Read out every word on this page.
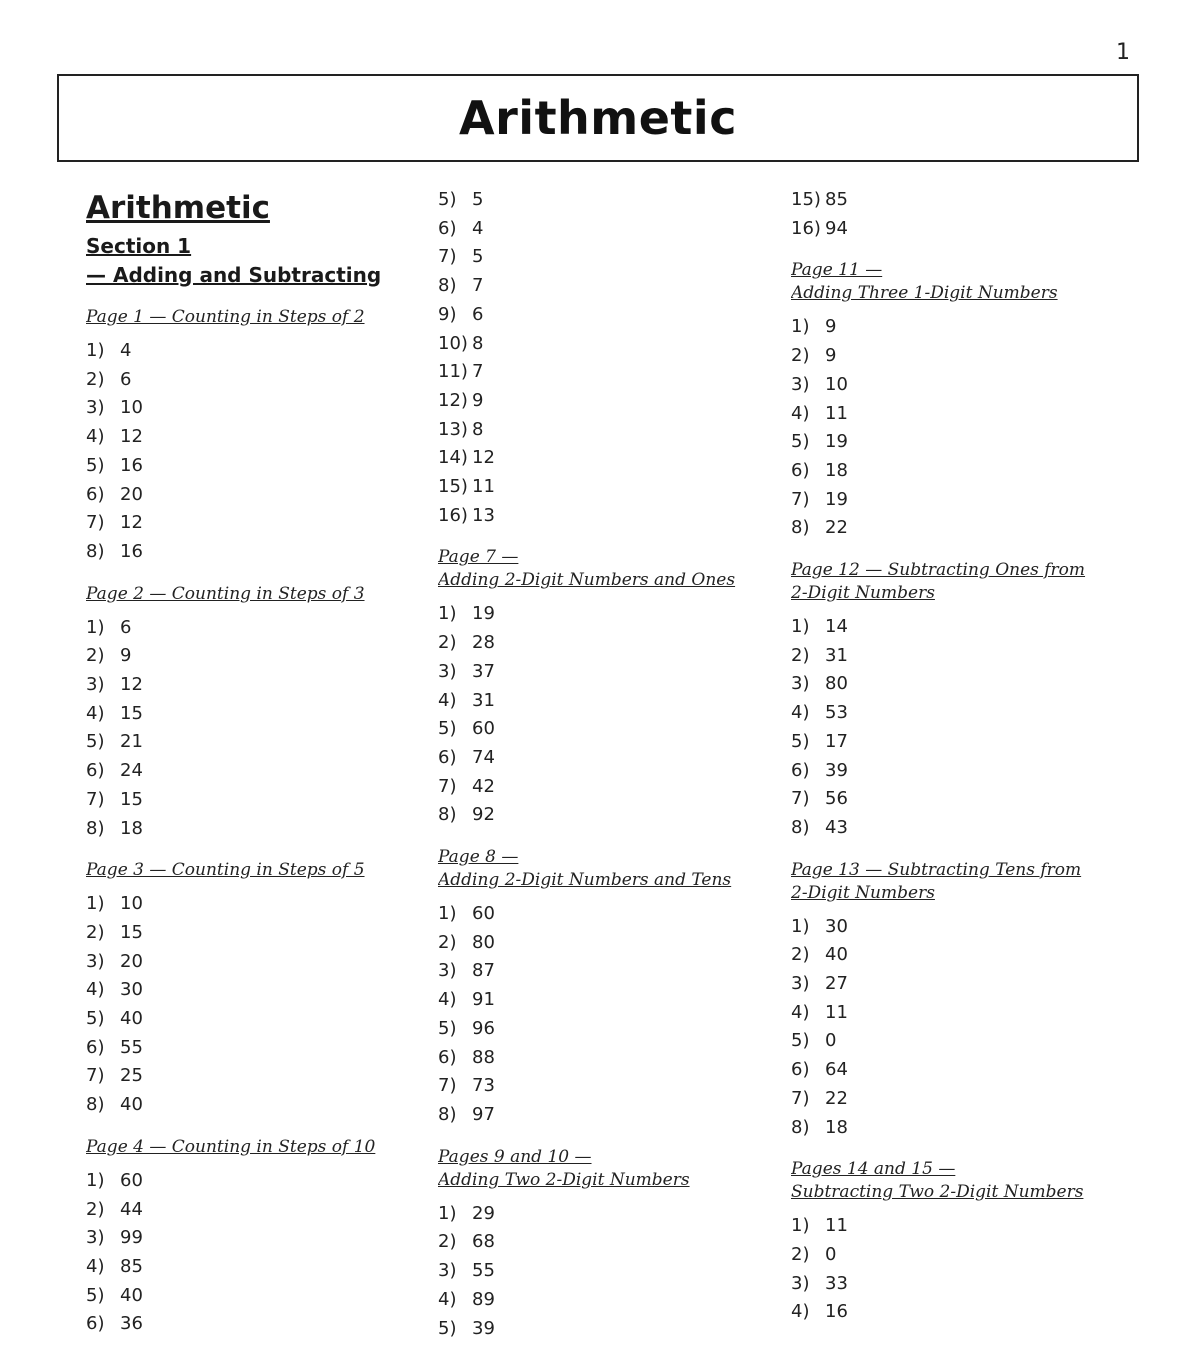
1
Arithmetic
Arithmetic
Section 1
— Adding and Subtracting
Page 1 — Counting in Steps of 2
1) 4
2) 6
3) 10
4) 12
5) 16
6) 20
7) 12
8) 16
Page 2 — Counting in Steps of 3
1) 6
2) 9
3) 12
4) 15
5) 21
6) 24
7) 15
8) 18
Page 3 — Counting in Steps of 5
1) 10
2) 15
3) 20
4) 30
5) 40
6) 55
7) 25
8) 40
Page 4 — Counting in Steps of 10
1) 60
2) 44
3) 99
4) 85
5) 40
6) 36
5) 5
6) 4
7) 5
8) 7
9) 6
10) 8
11) 7
12) 9
13) 8
14) 12
15) 11
16) 13
Page 7 —
Adding 2-Digit Numbers and Ones
1) 19
2) 28
3) 37
4) 31
5) 60
6) 74
7) 42
8) 92
Page 8 —
Adding 2-Digit Numbers and Tens
1) 60
2) 80
3) 87
4) 91
5) 96
6) 88
7) 73
8) 97
Pages 9 and 10 —
Adding Two 2-Digit Numbers
1) 29
2) 68
3) 55
4) 89
5) 39
15) 85
16) 94
Page 11 —
Adding Three 1-Digit Numbers
1) 9
2) 9
3) 10
4) 11
5) 19
6) 18
7) 19
8) 22
Page 12 — Subtracting Ones from
2-Digit Numbers
1) 14
2) 31
3) 80
4) 53
5) 17
6) 39
7) 56
8) 43
Page 13 — Subtracting Tens from
2-Digit Numbers
1) 30
2) 40
3) 27
4) 11
5) 0
6) 64
7) 22
8) 18
Pages 14 and 15 —
Subtracting Two 2-Digit Numbers
1) 11
2) 0
3) 33
4) 16
